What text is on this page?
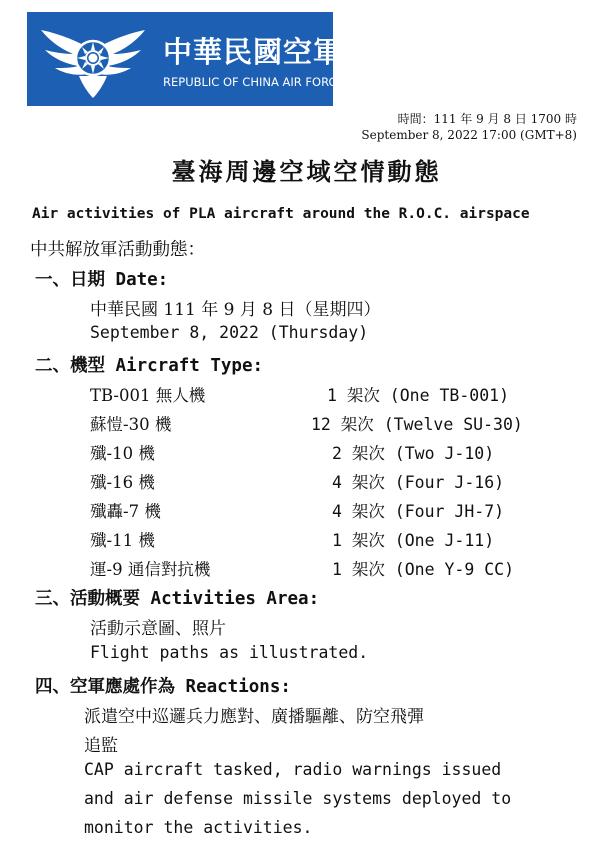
中華民國空軍
REPUBLIC OF CHINA AIR FORCE
時間：111 年 9 月 8 日 1700 時
September 8, 2022 17:00 (GMT+8)
臺海周邊空域空情動態
Air activities of PLA aircraft around the R.O.C. airspace
中共解放軍活動動態：
一、日期 Date:
中華民國 111 年 9 月 8 日（星期四）
September 8, 2022 (Thursday)
二、機型 Aircraft Type:
TB-001 無人機	1 架次 (One TB-001)
蘇愷-30 機	12 架次 (Twelve SU-30)
殲-10 機	2 架次 (Two J-10)
殲-16 機	4 架次 (Four J-16)
殲轟-7 機	4 架次 (Four JH-7)
殲-11 機	1 架次 (One J-11)
運-9 通信對抗機	1 架次 (One Y-9 CC)
三、活動概要 Activities Area:
活動示意圖、照片
Flight paths as illustrated.
四、空軍應處作為 Reactions:
派遣空中巡邏兵力應對、廣播驅離、防空飛彈
追監
CAP aircraft tasked, radio warnings issued
and air defense missile systems deployed to
monitor the activities.
